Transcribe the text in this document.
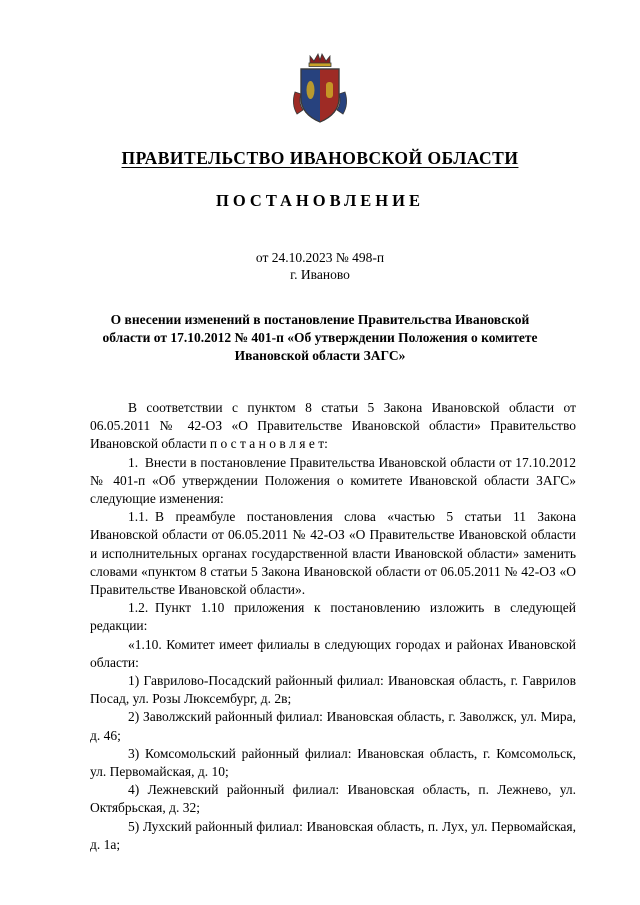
ПРАВИТЕЛЬСТВО ИВАНОВСКОЙ ОБЛАСТИ
ПОСТАНОВЛЕНИЕ
от 24.10.2023 № 498-п
г. Иваново
О внесении изменений в постановление Правительства Ивановской области от 17.10.2012 № 401-п «Об утверждении Положения о комитете Ивановской области ЗАГС»

В соответствии с пунктом 8 статьи 5 Закона Ивановской области от 06.05.2011 № 42-ОЗ «О Правительстве Ивановской области» Правительство Ивановской области п о с т а н о в л я е т:

1. Внести в постановление Правительства Ивановской области от 17.10.2012 № 401-п «Об утверждении Положения о комитете Ивановской области ЗАГС» следующие изменения:

1.1. В преамбуле постановления слова «частью 5 статьи 11 Закона Ивановской области от 06.05.2011 № 42-ОЗ «О Правительстве Ивановской области и исполнительных органах государственной власти Ивановской области» заменить словами «пунктом 8 статьи 5 Закона Ивановской области от 06.05.2011 № 42-ОЗ «О Правительстве Ивановской области».

1.2. Пункт 1.10 приложения к постановлению изложить в следующей редакции:

«1.10. Комитет имеет филиалы в следующих городах и районах Ивановской области:

1) Гаврилово-Посадский районный филиал: Ивановская область, г. Гаврилов Посад, ул. Розы Люксембург, д. 2в;

2) Заволжский районный филиал: Ивановская область, г. Заволжск, ул. Мира, д. 46;

3) Комсомольский районный филиал: Ивановская область, г. Комсомольск, ул. Первомайская, д. 10;

4) Лежневский районный филиал: Ивановская область, п. Лежнево, ул. Октябрьская, д. 32;

5) Лухский районный филиал: Ивановская область, п. Лух, ул. Первомайская, д. 1а;
